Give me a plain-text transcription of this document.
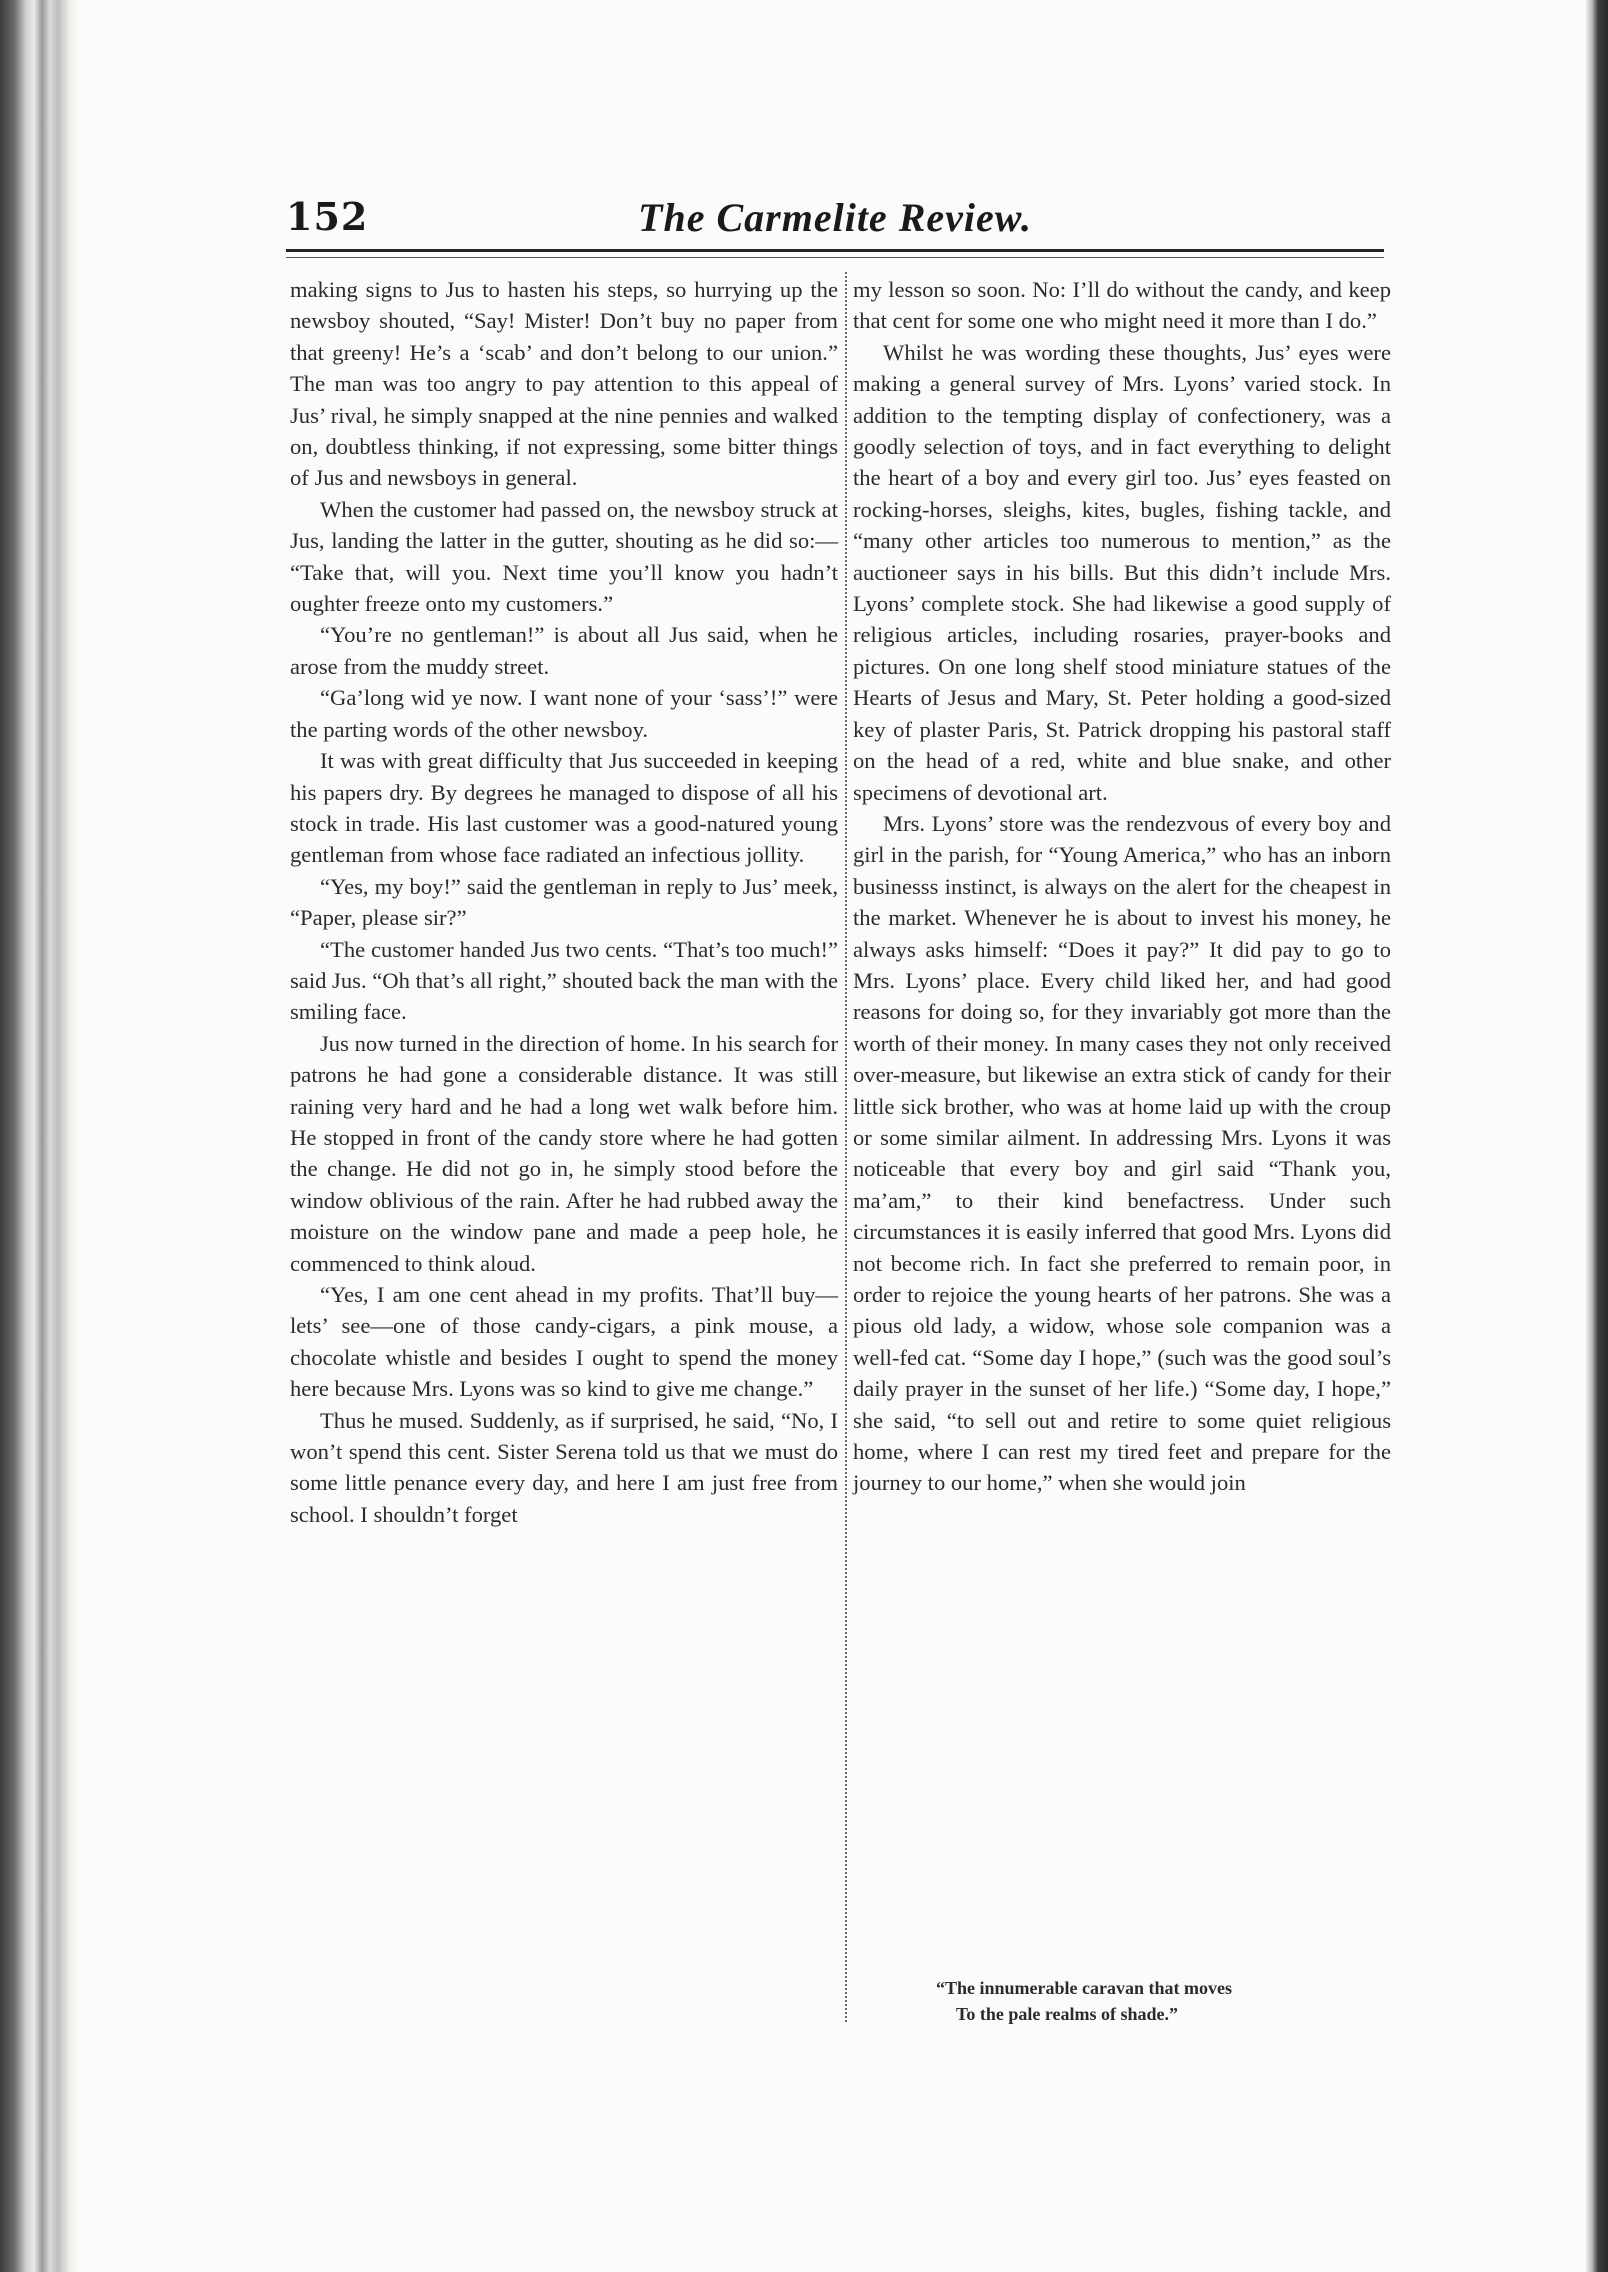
152	The Carmelite Review.

making signs to Jus to hasten his steps, so hurrying up the newsboy shouted, “Say! Mister! Don’t buy no paper from that greeny! He’s a ‘scab’ and don’t belong to our union.” The man was too angry to pay attention to this appeal of Jus’ rival, he simply snapped at the nine pennies and walked on, doubtless thinking, if not expressing, some bitter things of Jus and newsboys in general.

When the customer had passed on, the newsboy struck at Jus, landing the latter in the gutter, shouting as he did so:— “Take that, will you. Next time you’ll know you hadn’t oughter freeze onto my customers.”

“You’re no gentleman!” is about all Jus said, when he arose from the muddy street.

“Ga’long wid ye now. I want none of your ‘sass’!” were the parting words of the other newsboy.

It was with great difficulty that Jus succeeded in keeping his papers dry. By degrees he managed to dispose of all his stock in trade. His last customer was a good-natured young gentleman from whose face radiated an infectious jollity.

“Yes, my boy!” said the gentleman in reply to Jus’ meek, “Paper, please sir?”

“The customer handed Jus two cents. “That’s too much!” said Jus. “Oh that’s all right,” shouted back the man with the smiling face.

Jus now turned in the direction of home. In his search for patrons he had gone a considerable distance. It was still raining very hard and he had a long wet walk before him. He stopped in front of the candy store where he had gotten the change. He did not go in, he simply stood before the window oblivious of the rain. After he had rubbed away the moisture on the window pane and made a peep hole, he commenced to think aloud.

“Yes, I am one cent ahead in my profits. That’ll buy—lets’ see—one of those candy-cigars, a pink mouse, a chocolate whistle and besides I ought to spend the money here because Mrs. Lyons was so kind to give me change.”

Thus he mused. Suddenly, as if surprised, he said, “No, I won’t spend this cent. Sister Serena told us that we must do some little penance every day, and here I am just free from school. I shouldn’t forget

my lesson so soon. No: I’ll do without the candy, and keep that cent for some one who might need it more than I do.”

Whilst he was wording these thoughts, Jus’ eyes were making a general survey of Mrs. Lyons’ varied stock. In addition to the tempting display of confectionery, was a goodly selection of toys, and in fact everything to delight the heart of a boy and every girl too. Jus’ eyes feasted on rocking-horses, sleighs, kites, bugles, fishing tackle, and “many other articles too numerous to mention,” as the auctioneer says in his bills. But this didn’t include Mrs. Lyons’ complete stock. She had likewise a good supply of religious articles, including rosaries, prayer-books and pictures. On one long shelf stood miniature statues of the Hearts of Jesus and Mary, St. Peter holding a good-sized key of plaster Paris, St. Patrick dropping his pastoral staff on the head of a red, white and blue snake, and other specimens of devotional art.

Mrs. Lyons’ store was the rendezvous of every boy and girl in the parish, for “Young America,” who has an inborn businesss instinct, is always on the alert for the cheapest in the market. Whenever he is about to invest his money, he always asks himself: “Does it pay?” It did pay to go to Mrs. Lyons’ place. Every child liked her, and had good reasons for doing so, for they invariably got more than the worth of their money. In many cases they not only received over-measure, but likewise an extra stick of candy for their little sick brother, who was at home laid up with the croup or some similar ailment. In addressing Mrs. Lyons it was noticeable that every boy and girl said “Thank you, ma’am,” to their kind benefactress. Under such circumstances it is easily inferred that good Mrs. Lyons did not become rich. In fact she preferred to remain poor, in order to rejoice the young hearts of her patrons. She was a pious old lady, a widow, whose sole companion was a well-fed cat. “Some day I hope,” (such was the good soul’s daily prayer in the sunset of her life.) “Some day, I hope,” she said, “to sell out and retire to some quiet religious home, where I can rest my tired feet and prepare for the journey to our home,” when she would join

“The innumerable caravan that moves
To the pale realms of shade.”
